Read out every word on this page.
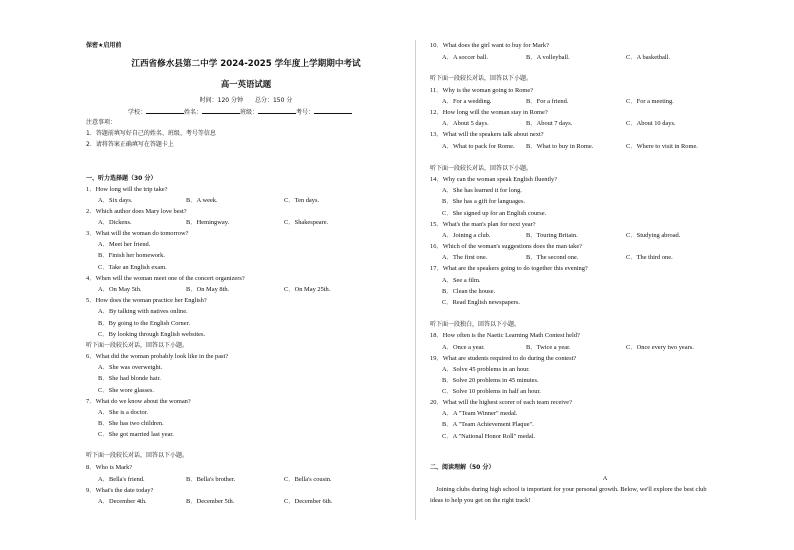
保密★启用前
江西省修水县第二中学 2024-2025 学年度上学期期中考试
高一英语试题
时间：120 分钟　　总分：150 分
学校：	姓名：	班级：	考号：
注意事项：
1．答题前填写好自己的姓名、班级、考号等信息
2．请将答案正确填写在答题卡上
一、听力选择题（30 分）
1．How long will the trip take?
A．Six days.	B．A week.	C．Ten days.
2．Which author does Mary love best?
A．Dickens.	B．Hemingway.	C．Shakespeare.
3．What will the woman do tomorrow?
A．Meet her friend.
B．Finish her homework.
C．Take an English exam.
4．When will the woman meet one of the concert organizers?
A．On May 5th.	B．On May 8th.	C．On May 25th.
5．How does the woman practice her English?
A．By talking with natives online.
B．By going to the English Corner.
C．By looking through English websites.
听下面一段较长对话，回答以下小题。
6．What did the woman probably look like in the past?
A．She was overweight.
B．She had blonde hair.
C．She wore glasses.
7．What do we know about the woman?
A．She is a doctor.
B．She has two children.
C．She got married last year.
听下面一段较长对话，回答以下小题。
8．Who is Mark?
A．Bella's friend.	B．Bella's brother.	C．Bella's cousin.
9．What's the date today?
A．December 4th.	B．December 5th.	C．December 6th.
10．What does the girl want to buy for Mark?
A．A soccer ball.	B．A volleyball.	C．A basketball.
听下面一段较长对话，回答以下小题。
11．Why is the woman going to Rome?
A．For a wedding.	B．For a friend.	C．For a meeting.
12．How long will the woman stay in Rome?
A．About 5 days.	B．About 7 days.	C．About 10 days.
13．What will the speakers talk about next?
A．What to pack for Rome. B．What to buy in Rome.	C．Where to visit in Rome.
听下面一段较长对话，回答以下小题。
14．Why can the woman speak English fluently?
A．She has learned it for long.
B．She has a gift for languages.
C．She signed up for an English course.
15．What's the man's plan for next year?
A．Joining a club.	B．Touring Britain.	C．Studying abroad.
16．Which of the woman's suggestions does the man take?
A．The first one.	B．The second one.	C．The third one.
17．What are the speakers going to do together this evening?
A．See a film.
B．Clean the house.
C．Read English newspapers.
听下面一段独白，回答以下小题。
18．How often is the Naetic Learning Math Contest held?
A．Once a year.	B．Twice a year.	C．Once every two years.
19．What are students required to do during the contest?
A．Solve 45 problems in an hour.
B．Solve 20 problems in 45 minutes.
C．Solve 10 problems in half an hour.
20．What will the highest scorer of each team receive?
A．A "Team Winner" medal.
B．A "Team Achievement Plaque".
C．A "National Honor Roll" medal.
二、阅读理解（50 分）
A
Joining clubs during high school is important for your personal growth. Below, we'll explore the best club
ideas to help you get on the right track!
